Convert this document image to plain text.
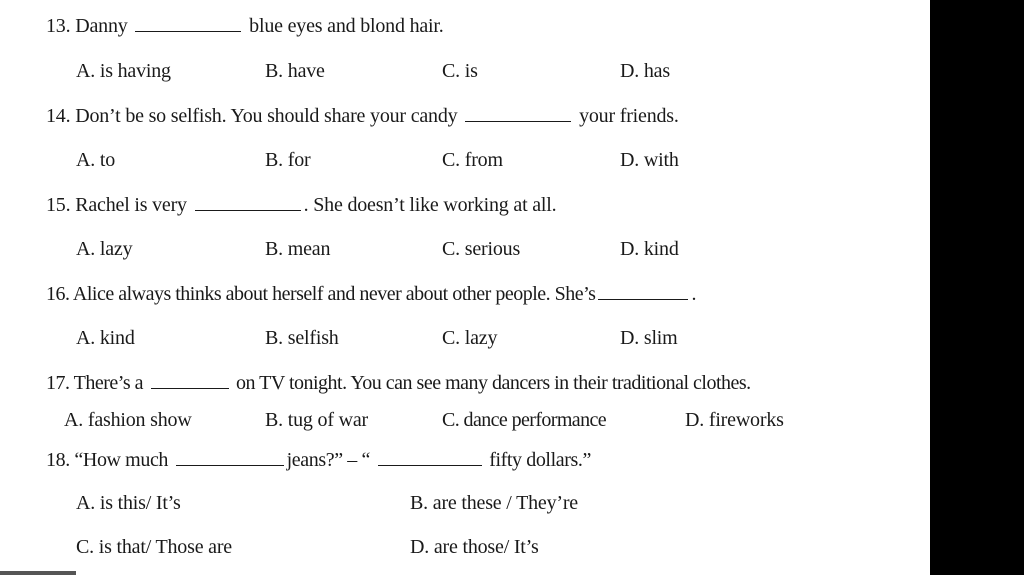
13. Danny	blue eyes and blond hair.
A. is having	B. have	C. is	D. has
14. Don’t be so selfish. You should share your candy	your friends.
A. to	B. for	C. from	D. with
15. Rachel is very	. She doesn’t like working at all.
A. lazy	B. mean	C. serious	D. kind
16. Alice always thinks about herself and never about other people. She’s	.
A. kind	B. selfish	C. lazy	D. slim
17. There’s a	on TV tonight. You can see many dancers in their traditional clothes.
A. fashion show	B. tug of war	C. dance performance	D. fireworks
18. “How much	jeans?” – “	fifty dollars.”
A. is this/ It’s	B. are these / They’re
C. is that/ Those are	D. are those/ It’s
